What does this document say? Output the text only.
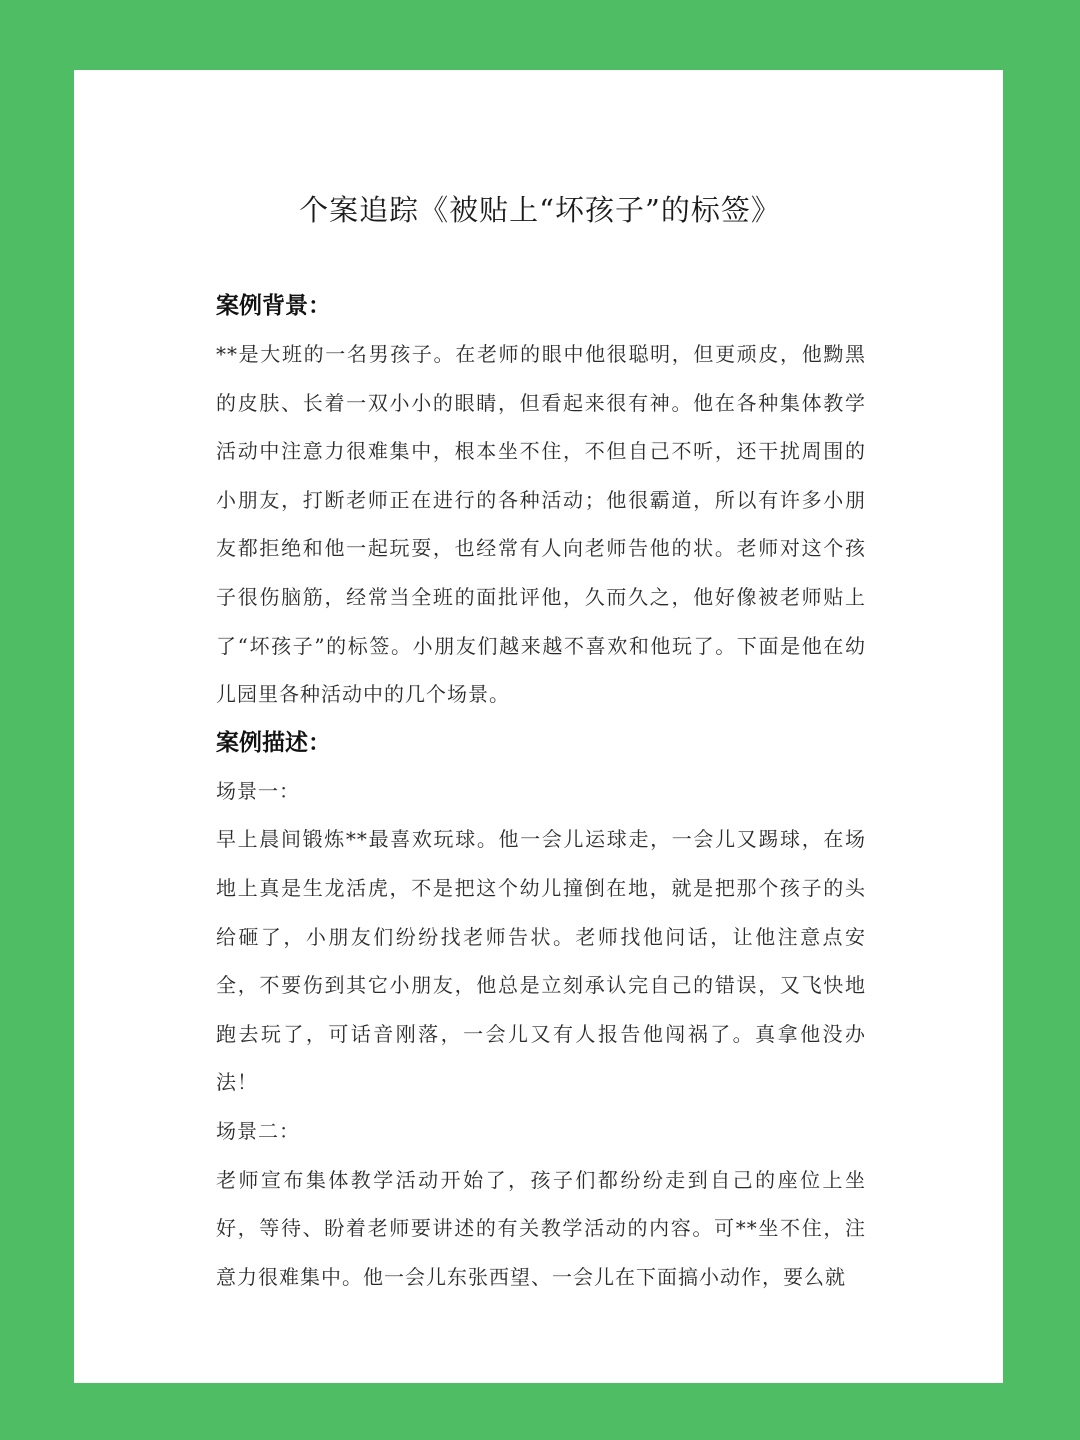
个案追踪《被贴上“坏孩子”的标签》
案例背景：

**是大班的一名男孩子。在老师的眼中他很聪明，但更顽皮，他黝黑的皮肤、长着一双小小的眼睛，但看起来很有神。他在各种集体教学活动中注意力很难集中，根本坐不住，不但自己不听，还干扰周围的小朋友，打断老师正在进行的各种活动；他很霸道，所以有许多小朋友都拒绝和他一起玩耍，也经常有人向老师告他的状。老师对这个孩子很伤脑筋，经常当全班的面批评他，久而久之，他好像被老师贴上了“坏孩子”的标签。小朋友们越来越不喜欢和他玩了。下面是他在幼儿园里各种活动中的几个场景。

案例描述：
场景一：

早上晨间锻炼**最喜欢玩球。他一会儿运球走，一会儿又踢球，在场地上真是生龙活虎，不是把这个幼儿撞倒在地，就是把那个孩子的头给砸了，小朋友们纷纷找老师告状。老师找他问话，让他注意点安全，不要伤到其它小朋友，他总是立刻承认完自己的错误，又飞快地跑去玩了，可话音刚落，一会儿又有人报告他闯祸了。真拿他没办法！

场景二：

老师宣布集体教学活动开始了，孩子们都纷纷走到自己的座位上坐好，等待、盼着老师要讲述的有关教学活动的内容。可**坐不住，注意力很难集中。他一会儿东张西望、一会儿在下面搞小动作，要么就
